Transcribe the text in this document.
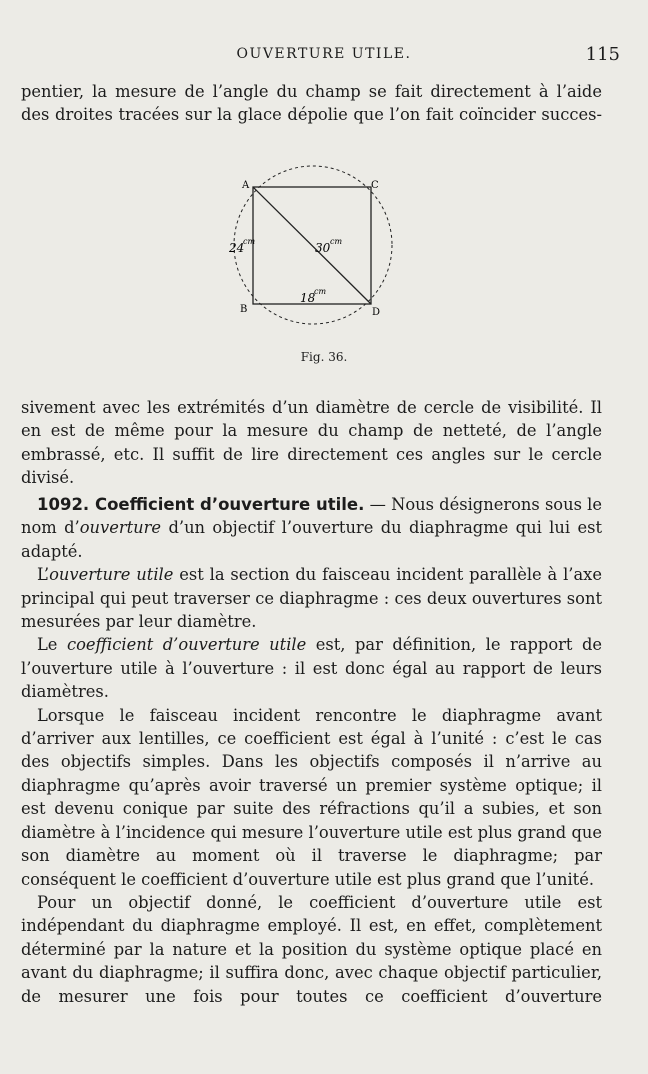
OUVERTURE UTILE.	115

pentier, la mesure de l’angle du champ se fait directement à l’aide des droites tracées sur la glace dépolie que l’on fait coïncider succes-

A	C
B	D
24
cm	30 cm
18
cm
Fig. 36.

sivement avec les extrémités d’un diamètre de cercle de visibilité. Il en est de même pour la mesure du champ de netteté, de l’angle embrassé, etc. Il suffit de lire directement ces angles sur le cercle divisé.

1092. Coefficient d’ouverture utile. — Nous désignerons sous le nom d’ouverture d’un objectif l’ouverture du diaphragme qui lui est adapté.

L’ouverture utile est la section du faisceau incident parallèle à l’axe principal qui peut traverser ce diaphragme : ces deux ouvertures sont mesurées par leur diamètre.

Le coefficient d’ouverture utile est, par définition, le rapport de l’ouverture utile à l’ouverture : il est donc égal au rapport de leurs diamètres.

Lorsque le faisceau incident rencontre le diaphragme avant d’arriver aux lentilles, ce coefficient est égal à l’unité : c’est le cas des objectifs simples. Dans les objectifs composés il n’arrive au diaphragme qu’après avoir traversé un premier système optique; il est devenu conique par suite des réfractions qu’il a subies, et son diamètre à l’incidence qui mesure l’ouverture utile est plus grand que son diamètre au moment où il traverse le diaphragme; par conséquent le coefficient d’ouverture utile est plus grand que l’unité.

Pour un objectif donné, le coefficient d’ouverture utile est indépendant du diaphragme employé. Il est, en effet, complètement déterminé par la nature et la position du système optique placé en avant du diaphragme; il suffira donc, avec chaque objectif particulier, de mesurer une fois pour toutes ce coefficient d’ouverture
